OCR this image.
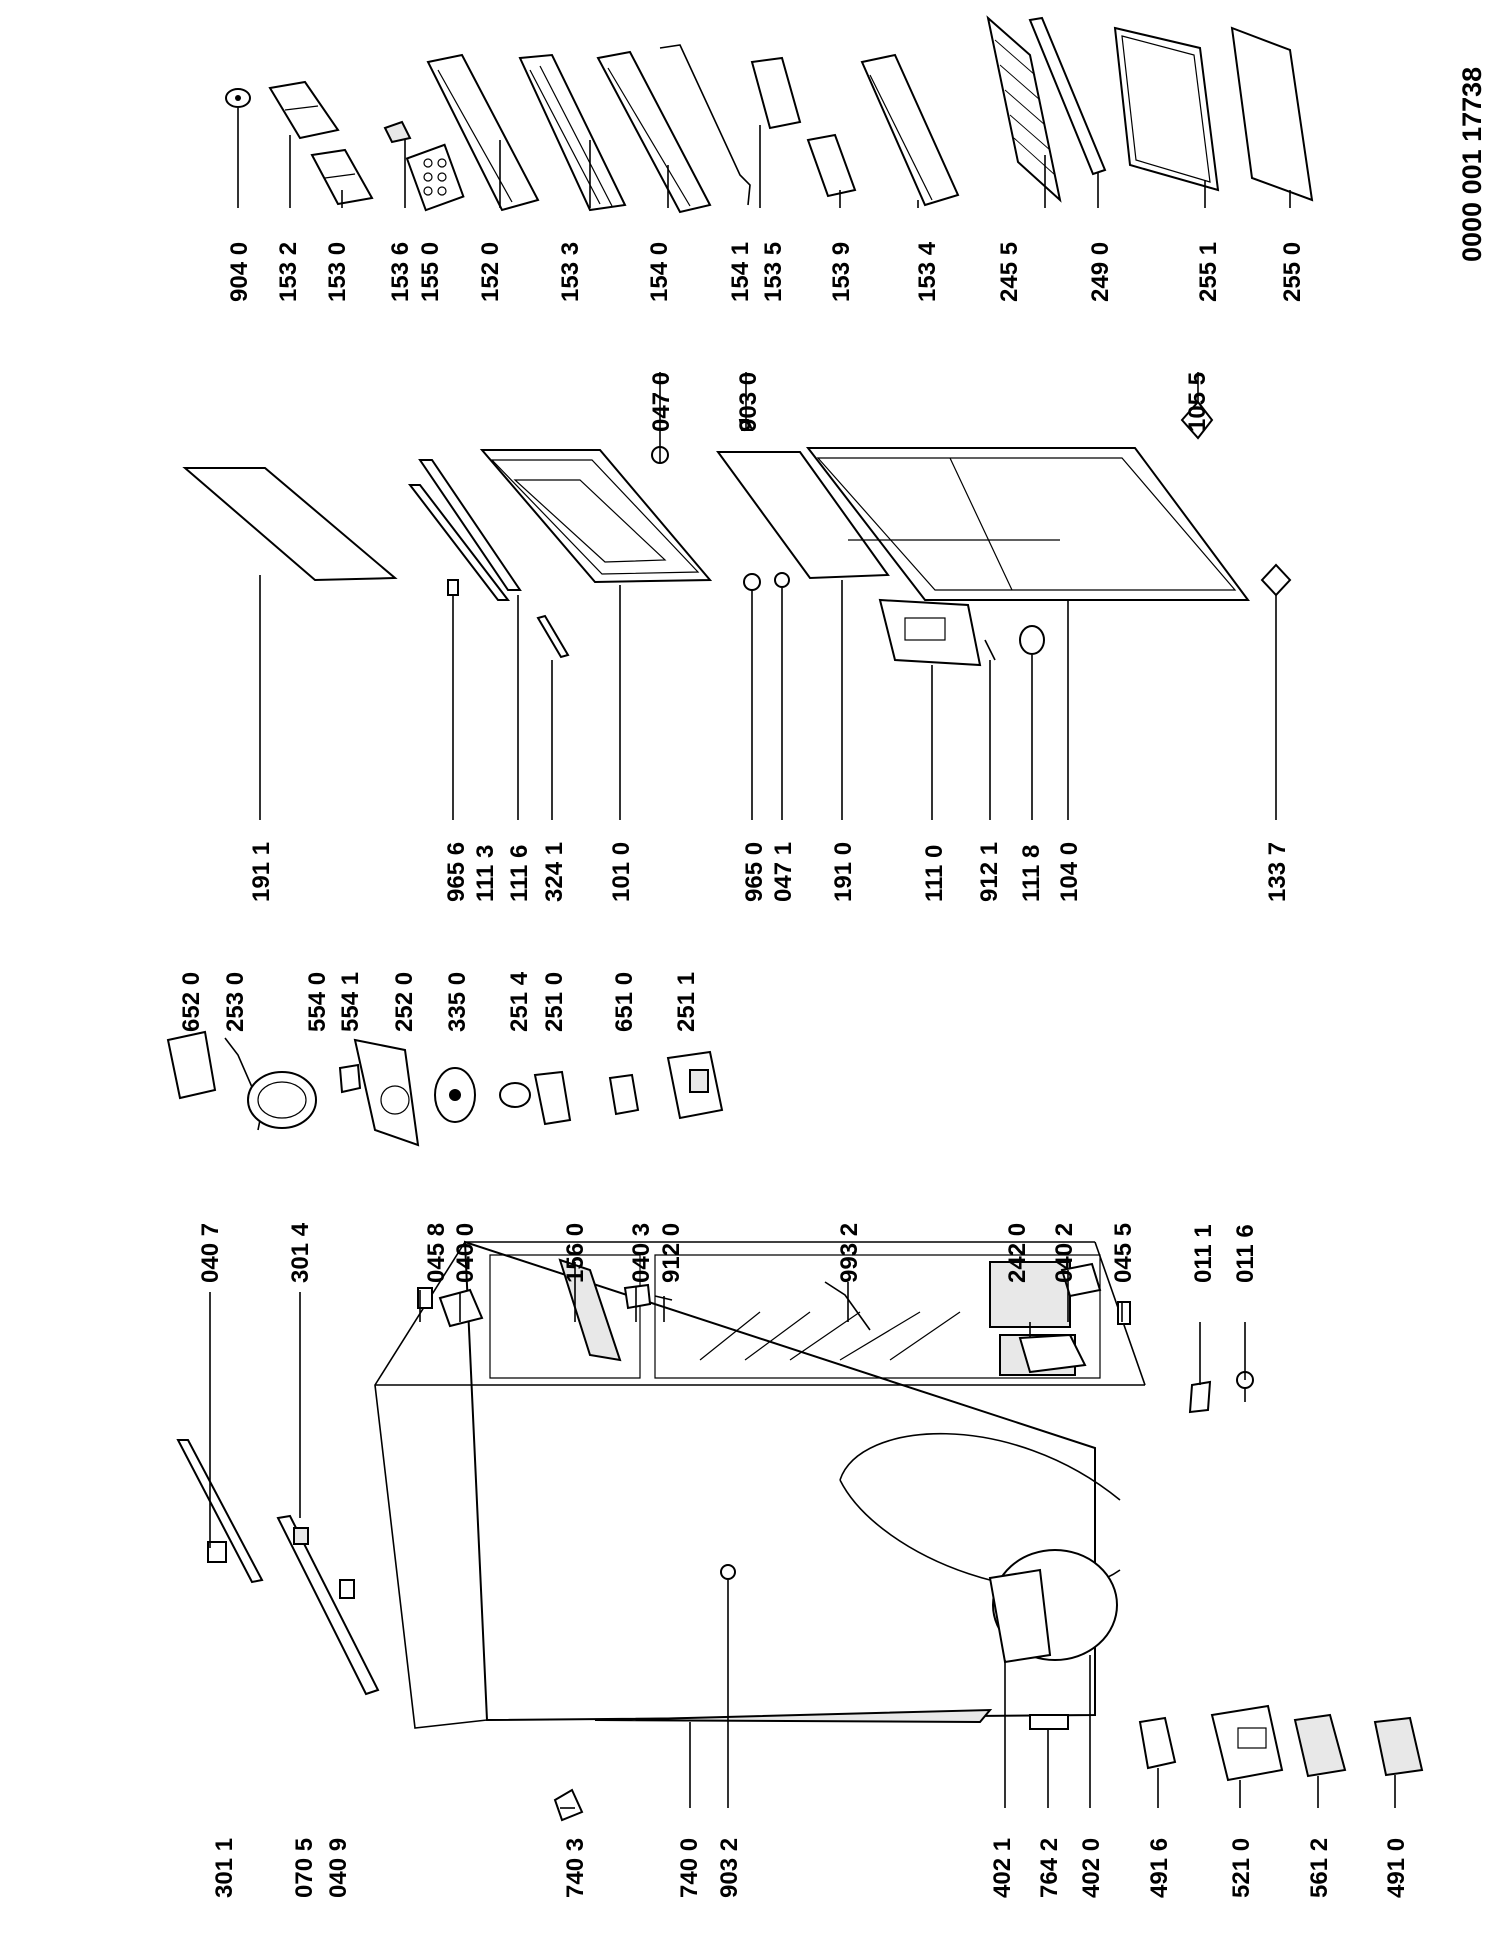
0000 001 17738
904 0 153 2 153 0 153 6 155 0 152 0 153 3	154 0 154 1 153 5 153 9 153 4 245 5	249 0	255 1 255 0
047 0	903 0	105 5
191 1	965 6 111 3 111 6 324 1 101 0	965 0 047 1 191 0	111 0 912 1 111 8 104 0	133 7
652 0 253 0 554 0 554 1 252 0 335 0 251 4 251 0 651 0 251 1
040 7	301 4	045 8 040 0	156 0 040 3 912 0	993 2	242 0 040 2 045 5 011 1 011 6
301 1 070 5 040 9	740 3	740 0 903 2	402 1 764 2 402 0 491 6 521 0 561 2 491 0
